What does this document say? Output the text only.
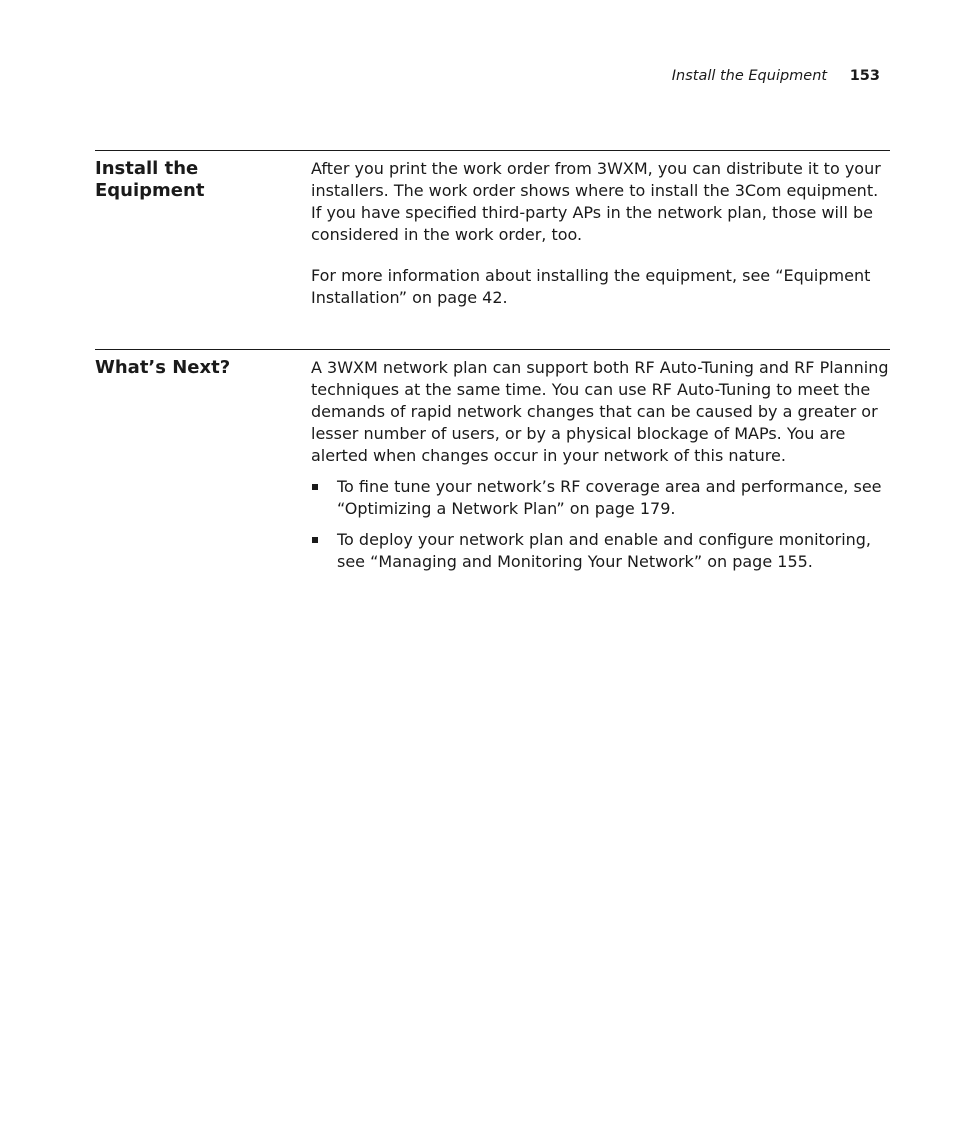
Install the Equipment 153
Install the Equipment

After you print the work order from 3WXM, you can distribute it to your installers. The work order shows where to install the 3Com equipment. If you have specified third-party APs in the network plan, those will be considered in the work order, too.

For more information about installing the equipment, see “Equipment Installation” on page 42.

What’s Next?	A 3WXM network plan can support both RF Auto-Tuning and RF Planning techniques at the same time. You can use RF Auto-Tuning to meet the demands of rapid network changes that can be caused by a greater or lesser number of users, or by a physical blockage of MAPs. You are alerted when changes occur in your network of this nature.

To fine tune your network’s RF coverage area and performance, see “Optimizing a Network Plan” on page 179.
To deploy your network plan and enable and configure monitoring, see “Managing and Monitoring Your Network” on page 155.
